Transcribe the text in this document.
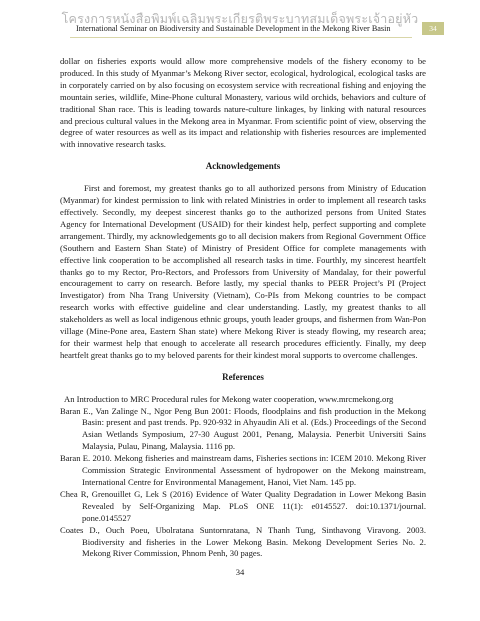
โครงการหนังสือพิมพ์เฉลิมพระเกียรติพระบาทสมเด็จพระเจ้าอยู่หัว
International Seminar on Biodiversity and Sustainable Development in the Mekong River Basin	34

dollar on fisheries exports would allow more comprehensive models of the fishery economy to be produced. In this study of Myanmar’s Mekong River sector, ecological, hydrological, ecological tasks are in corporately carried on by also focusing on ecosystem service with recreational fishing and enjoying the mountain series, wildlife, Mine-Phone cultural Monastery, various wild orchids, behaviors and culture of traditional Shan race. This is leading towards nature-culture linkages, by linking with natural resources and precious cultural values in the Mekong area in Myanmar. From scientific point of view, observing the degree of water resources as well as its impact and relationship with fisheries resources are implemented with innovative research tasks.

Acknowledgements

First and foremost, my greatest thanks go to all authorized persons from Ministry of Education (Myanmar) for kindest permission to link with related Ministries in order to implement all research tasks effectively. Secondly, my deepest sincerest thanks go to the authorized persons from United States Agency for International Development (USAID) for their kindest help, perfect supporting and complete arrangement. Thirdly, my acknowledgements go to all decision makers from Regional Government Office (Southern and Eastern Shan State) of Ministry of President Office for complete managements with effective link cooperation to be accomplished all research tasks in time. Fourthly, my sincerest heartfelt thanks go to my Rector, Pro-Rectors, and Professors from University of Mandalay, for their powerful encouragement to carry on research. Before lastly, my special thanks to PEER Project’s PI (Project Investigator) from Nha Trang University (Vietnam), Co-PIs from Mekong countries to be compact research works with effective guideline and clear understanding. Lastly, my greatest thanks to all stakeholders as well as local indigenous ethnic groups, youth leader groups, and fishermen from Wan-Pon village (Mine-Pone area, Eastern Shan state) where Mekong River is steady flowing, my research area; for their warmest help that enough to accelerate all research procedures efficiently. Finally, my deep heartfelt great thanks go to my beloved parents for their kindest moral supports to overcome challenges.

References

An Introduction to MRC Procedural rules for Mekong water cooperation, www.mrcmekong.org

Baran E., Van Zalinge N., Ngor Peng Bun 2001: Floods, floodplains and fish production in the Mekong Basin: present and past trends. Pp. 920-932 in Ahyaudin Ali et al. (Eds.) Proceedings of the Second Asian Wetlands Symposium, 27-30 August 2001, Penang, Malaysia. Penerbit Universiti Sains Malaysia, Pulau, Pinang, Malaysia. 1116 pp.

Baran E. 2010. Mekong fisheries and mainstream dams, Fisheries sections in: ICEM 2010. Mekong River Commission Strategic Environmental Assessment of hydropower on the Mekong mainstream, International Centre for Environmental Management, Hanoi, Viet Nam. 145 pp.

Chea R, Grenouillet G, Lek S (2016) Evidence of Water Quality Degradation in Lower Mekong Basin Revealed by Self-Organizing Map. PLoS ONE 11(1): e0145527. doi:10.1371/journal. pone.0145527

Coates D., Ouch Poeu, Ubolratana Suntornratana, N Thanh Tung, Sinthavong Viravong. 2003. Biodiversity and fisheries in the Lower Mekong Basin. Mekong Development Series No. 2. Mekong River Commission, Phnom Penh, 30 pages.

34
